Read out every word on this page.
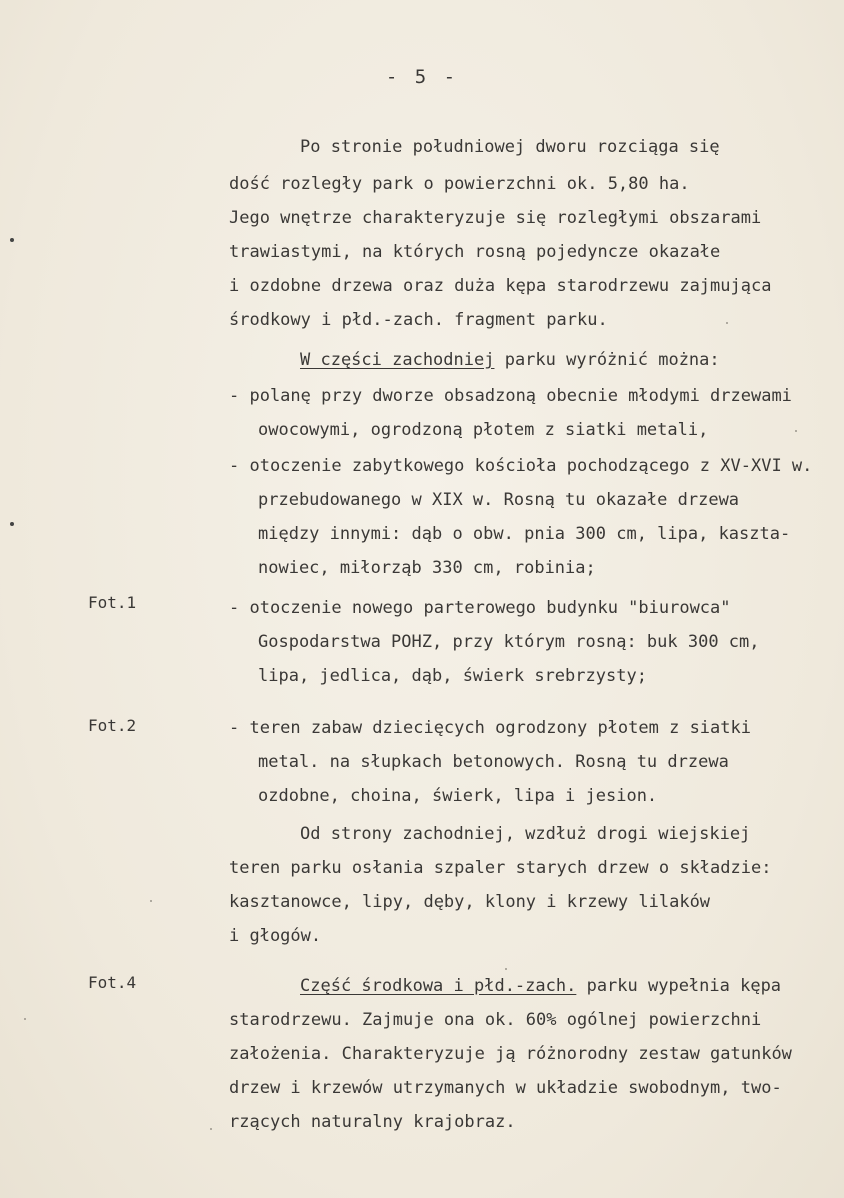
- 5 -
Po stronie południowej dworu rozciąga się
dość rozległy park o powierzchni ok. 5,80 ha.
Jego wnętrze charakteryzuje się rozległymi obszarami
trawiastymi, na których rosną pojedyncze okazałe
i ozdobne drzewa oraz duża kępa starodrzewu zajmująca
środkowy i płd.-zach. fragment parku.
W części zachodniej parku wyróżnić można:
- polanę przy dworze obsadzoną obecnie młodymi drzewami
owocowymi, ogrodzoną płotem z siatki metali,
- otoczenie zabytkowego kościoła pochodzącego z XV-XVI w.
przebudowanego w XIX w. Rosną tu okazałe drzewa
między innymi: dąb o obw. pnia 300 cm, lipa, kaszta-
nowiec, miłorząb 330 cm, robinia;
Fot.1	- otoczenie nowego parterowego budynku "biurowca"
Gospodarstwa POHZ, przy którym rosną: buk 300 cm,
lipa, jedlica, dąb, świerk srebrzysty;
Fot.2	- teren zabaw dziecięcych ogrodzony płotem z siatki
metal. na słupkach betonowych. Rosną tu drzewa
ozdobne, choina, świerk, lipa i jesion.
Od strony zachodniej, wzdłuż drogi wiejskiej
teren parku osłania szpaler starych drzew o składzie:
kasztanowce, lipy, dęby, klony i krzewy lilaków
i głogów.
Fot.4	Część środkowa i płd.-zach. parku wypełnia kępa
starodrzewu. Zajmuje ona ok. 60% ogólnej powierzchni
założenia. Charakteryzuje ją różnorodny zestaw gatunków
drzew i krzewów utrzymanych w układzie swobodnym, two-
rzących naturalny krajobraz.
